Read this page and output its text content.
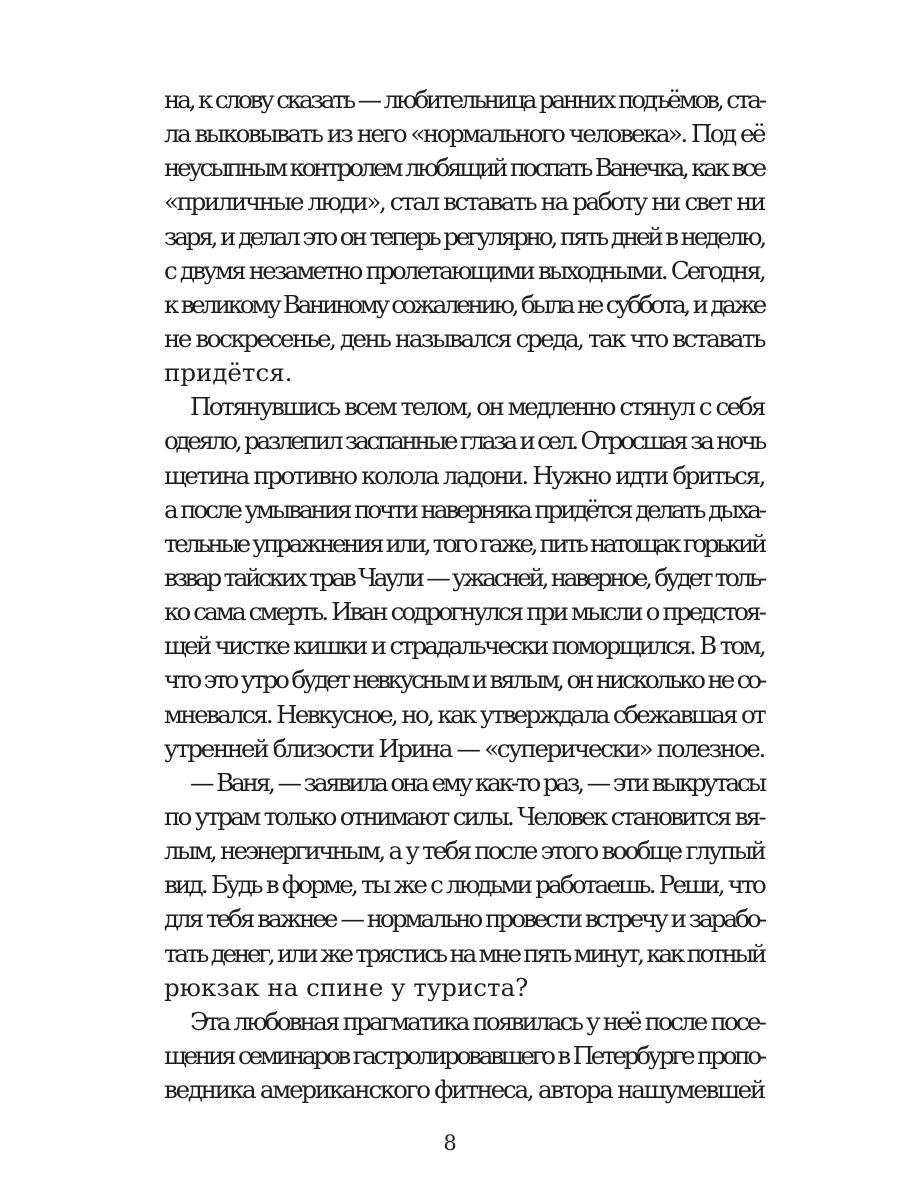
на, к слову сказать — любительница ранних подъёмов, ста-
ла выковывать из него «нормального человека». Под её
неусыпным контролем любящий поспать Ванечка, как все
«приличные люди», стал вставать на работу ни свет ни
заря, и делал это он теперь регулярно, пять дней в неделю,
с двумя незаметно пролетающими выходными. Сегодня,
к великому Ваниному сожалению, была не суббота, и даже
не воскресенье, день назывался среда, так что вставать
придётся.
Потянувшись всем телом, он медленно стянул с себя
одеяло, разлепил заспанные глаза и сел. Отросшая за ночь
щетина противно колола ладони. Нужно идти бриться,
а после умывания почти наверняка придётся делать дыха-
тельные упражнения или, того гаже, пить натощак горький
взвар тайских трав Чаули — ужасней, наверное, будет толь-
ко сама смерть. Иван содрогнулся при мысли о предстоя-
щей чистке кишки и страдальчески поморщился. В том,
что это утро будет невкусным и вялым, он нисколько не со-
мневался. Невкусное, но, как утверждала сбежавшая от
утренней близости Ирина — «суперически» полезное.
— Ваня, — заявила она ему как-то раз, — эти выкрутасы
по утрам только отнимают силы. Человек становится вя-
лым, неэнергичным, а у тебя после этого вообще глупый
вид. Будь в форме, ты же с людьми работаешь. Реши, что
для тебя важнее — нормально провести встречу и зарабо-
тать денег, или же трястись на мне пять минут, как потный
рюкзак на спине у туриста?
Эта любовная прагматика появилась у неё после посе-
щения семинаров гастролировавшего в Петербурге пропо-
ведника американского фитнеса, автора нашумевшей
8
